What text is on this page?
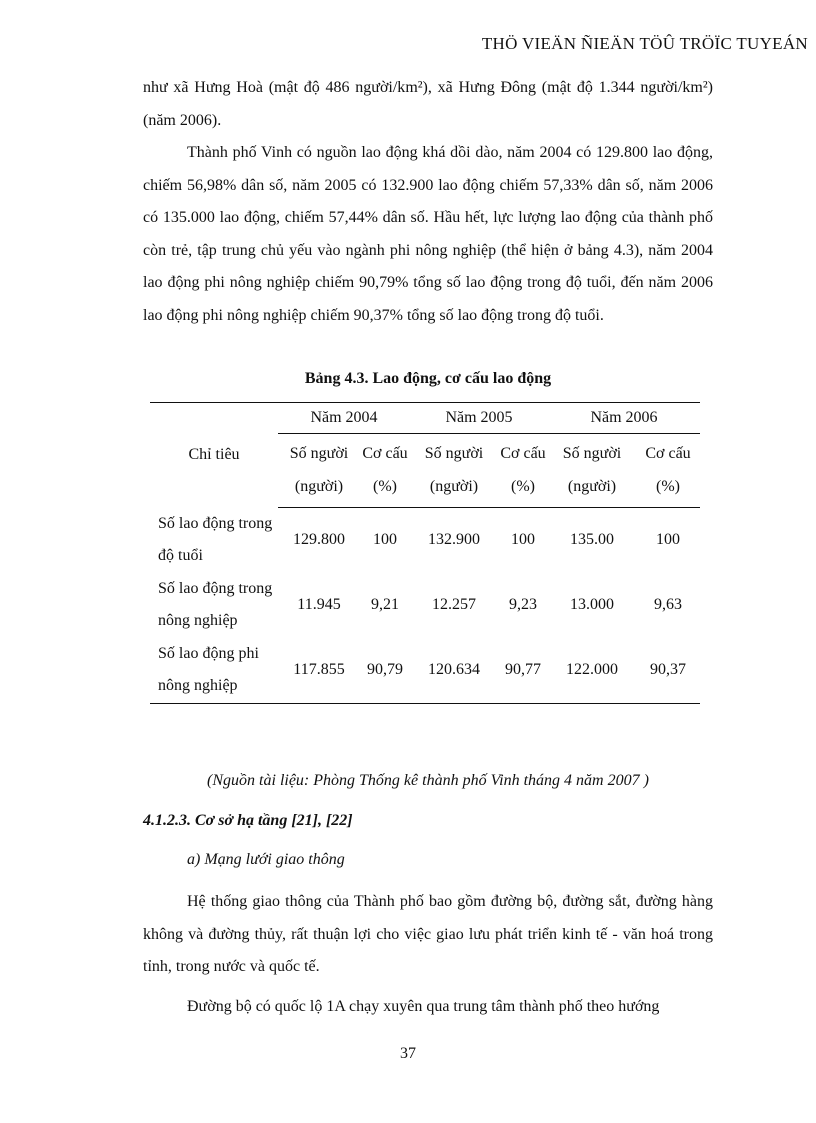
THÖ VIEÄN ÑIEÄN TÖÛ TRÖÏC TUYEÁN

như xã Hưng Hoà (mật độ 486 người/km²), xã Hưng Đông (mật độ 1.344 người/km²) (năm 2006).

Thành phố Vinh có nguồn lao động khá dồi dào, năm 2004 có 129.800 lao động, chiếm 56,98% dân số, năm 2005 có 132.900 lao động chiếm 57,33% dân số, năm 2006 có 135.000 lao động, chiếm 57,44% dân số. Hầu hết, lực lượng lao động của thành phố còn trẻ, tập trung chủ yếu vào ngành phi nông nghiệp (thể hiện ở bảng 4.3), năm 2004 lao động phi nông nghiệp chiếm 90,79% tổng số lao động trong độ tuổi, đến năm 2006 lao động phi nông nghiệp chiếm 90,37% tổng số lao động trong độ tuổi.

Bảng 4.3. Lao động, cơ cấu lao động
Chỉ tiêu	Năm 2004		Năm 2005		Năm 2006	
	Số người (người)	Cơ cấu (%)	Số người (người)	Cơ cấu (%)	Số người (người)	Cơ cấu (%)
Số lao động trong độ tuổi	129.800	100	132.900	100	135.00	100
Số lao động trong nông nghiệp	11.945	9,21	12.257	9,23	13.000	9,63
Số lao động phi nông nghiệp	117.855	90,79	120.634	90,77	122.000	90,37
(Nguồn tài liệu: Phòng Thống kê thành phố Vinh tháng 4 năm 2007 )
4.1.2.3. Cơ sở hạ tầng [21], [22]
a) Mạng lưới giao thông

Hệ thống giao thông của Thành phố bao gồm đường bộ, đường sắt, đường hàng không và đường thủy, rất thuận lợi cho việc giao lưu phát triển kinh tế - văn hoá trong tỉnh, trong nước và quốc tế.

Đường bộ có quốc lộ 1A chạy xuyên qua trung tâm thành phố theo hướng

37
